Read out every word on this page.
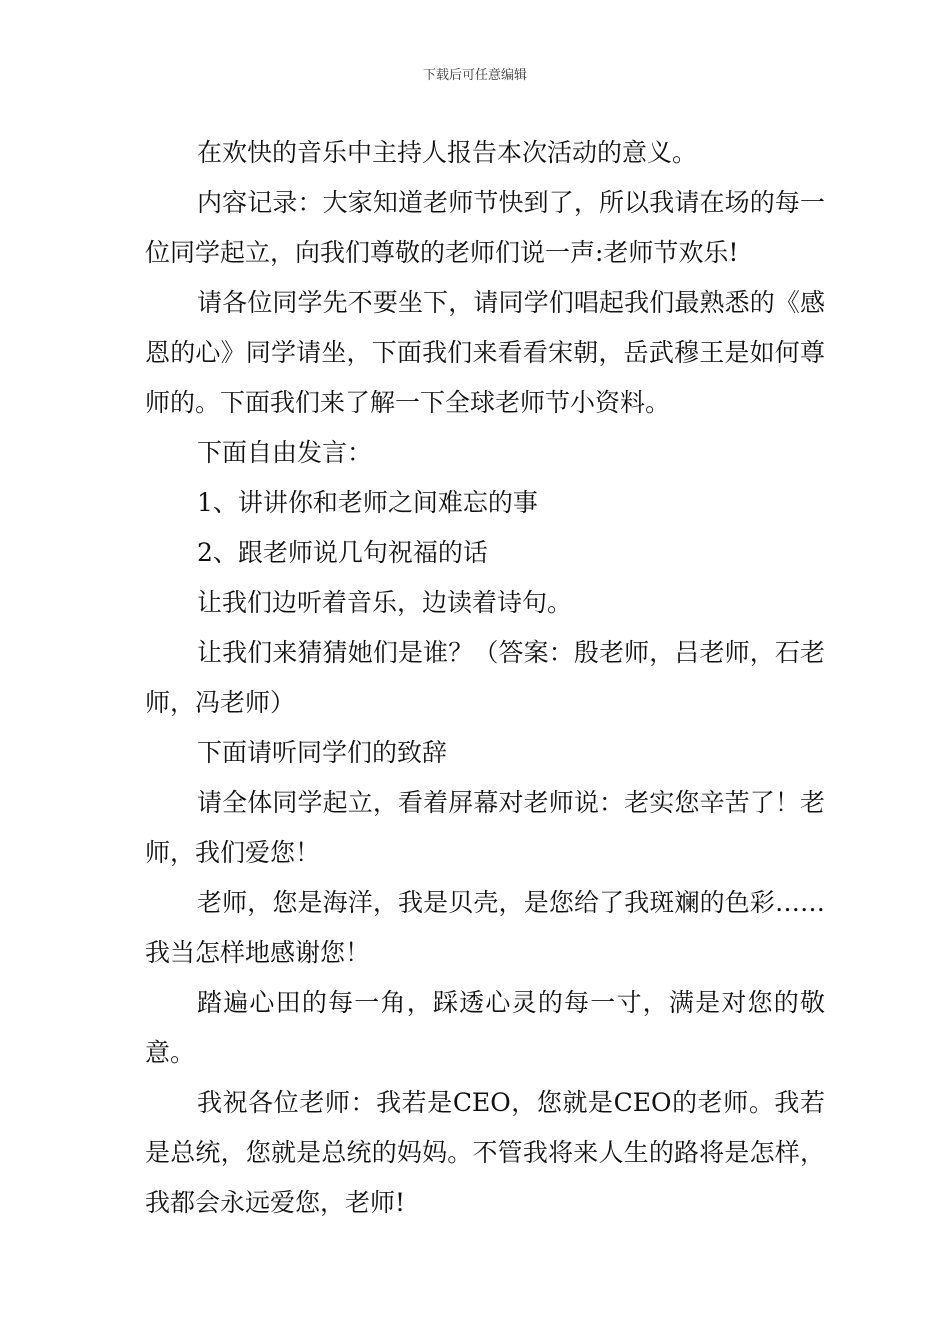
下载后可任意编辑

在欢快的音乐中主持人报告本次活动的意义。

内容记录：大家知道老师节快到了，所以我请在场的每一位同学起立，向我们尊敬的老师们说一声:老师节欢乐!

请各位同学先不要坐下，请同学们唱起我们最熟悉的《感恩的心》同学请坐，下面我们来看看宋朝，岳武穆王是如何尊师的。下面我们来了解一下全球老师节小资料。

下面自由发言：

1、讲讲你和老师之间难忘的事

2、跟老师说几句祝福的话

让我们边听着音乐，边读着诗句。

让我们来猜猜她们是谁？（答案：殷老师，吕老师，石老师，冯老师）

下面请听同学们的致辞

请全体同学起立，看着屏幕对老师说：老实您辛苦了！老师，我们爱您！

老师，您是海洋，我是贝壳，是您给了我斑斓的色彩……我当怎样地感谢您！

踏遍心田的每一角，踩透心灵的每一寸，满是对您的敬意。

我祝各位老师：我若是CEO，您就是CEO的老师。我若是总统，您就是总统的妈妈。不管我将来人生的路将是怎样，我都会永远爱您，老师!
